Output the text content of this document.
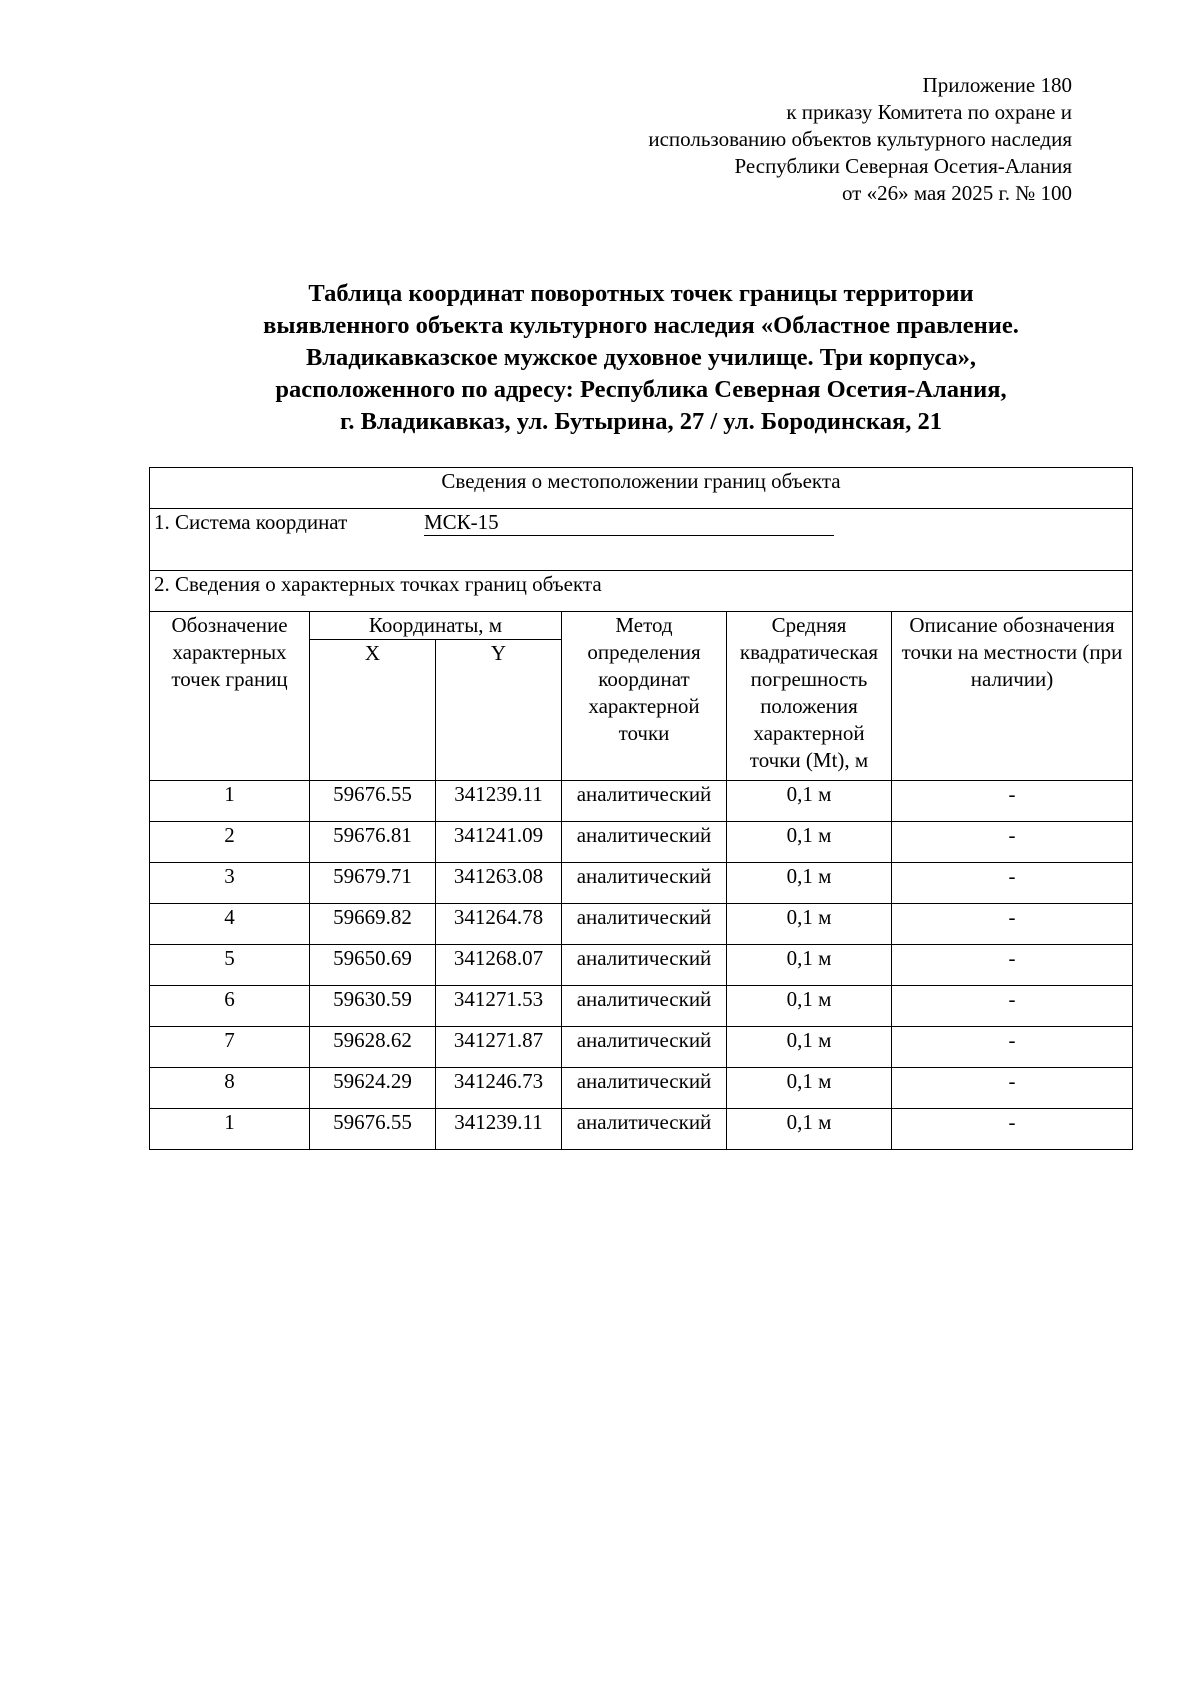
Приложение 180
к приказу Комитета по охране и
использованию объектов культурного наследия
Республики Северная Осетия-Алания
от «26» мая 2025 г. № 100
Таблица координат поворотных точек границы территории
выявленного объекта культурного наследия «Областное правление.
Владикавказское мужское духовное училище. Три корпуса»,
расположенного по адресу: Республика Северная Осетия-Алания,
г. Владикавказ, ул. Бутырина, 27 / ул. Бородинская, 21
Сведения о местоположении границ объекта					
1. Система координат МСК-15					
2. Сведения о характерных точках границ объекта					
Обозначение характерных точек границ	Координаты, м		Метод определения координат характерной точки	Средняя квадратическая погрешность положения характерной точки (Mt), м	Описание обозначения точки на местности (при наличии)
	X	Y			
1	59676.55	341239.11	аналитический	0,1 м	-
2	59676.81	341241.09	аналитический	0,1 м	-
3	59679.71	341263.08	аналитический	0,1 м	-
4	59669.82	341264.78	аналитический	0,1 м	-
5	59650.69	341268.07	аналитический	0,1 м	-
6	59630.59	341271.53	аналитический	0,1 м	-
7	59628.62	341271.87	аналитический	0,1 м	-
8	59624.29	341246.73	аналитический	0,1 м	-
1	59676.55	341239.11	аналитический	0,1 м	-
